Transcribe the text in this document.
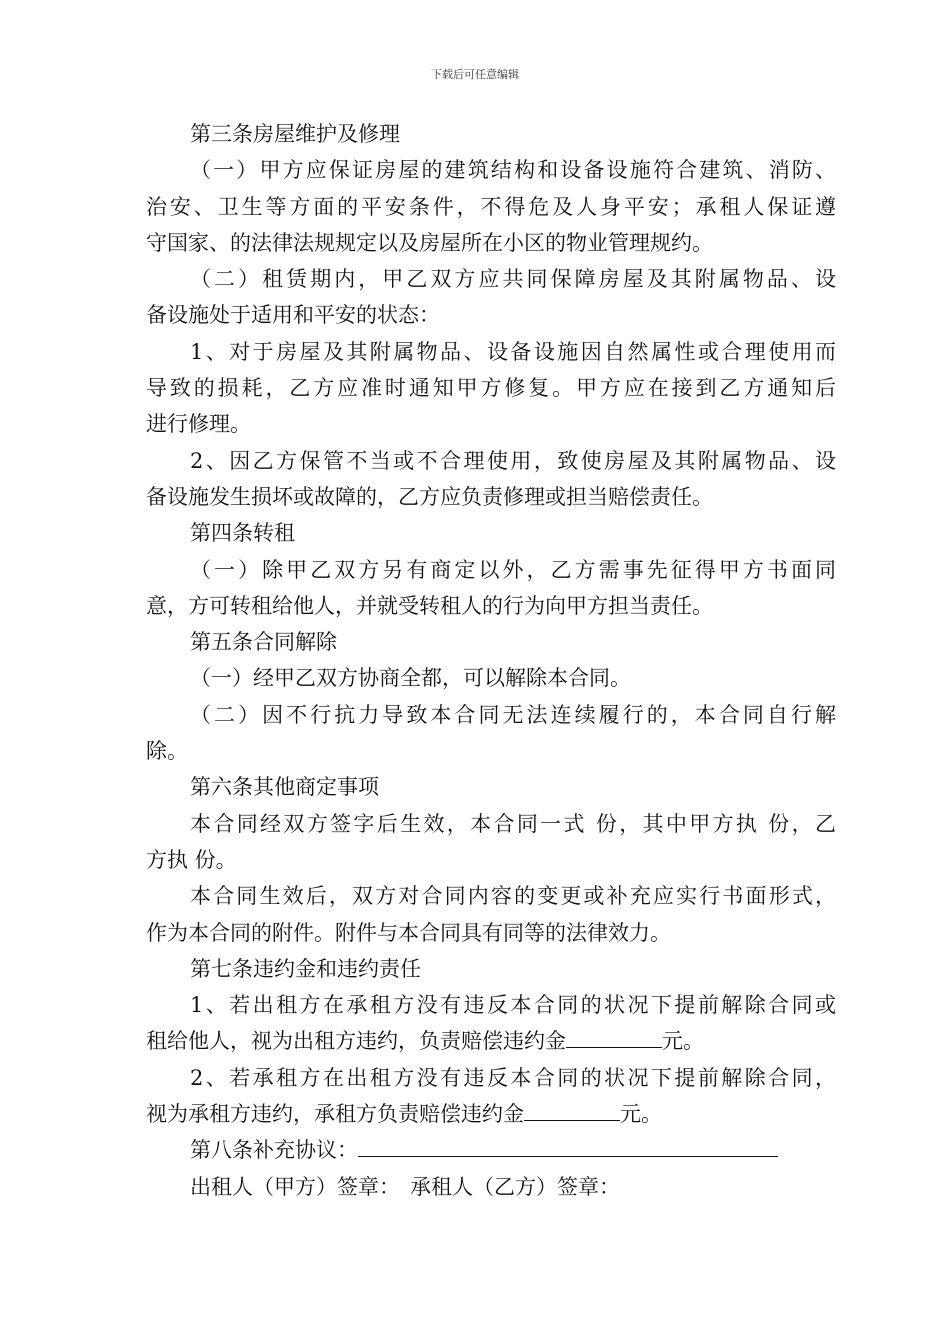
下载后可任意编辑
第三条房屋维护及修理
（一）甲方应保证房屋的建筑结构和设备设施符合建筑、消防、
治安、卫生等方面的平安条件，不得危及人身平安；承租人保证遵
守国家、的法律法规规定以及房屋所在小区的物业管理规约。
（二）租赁期内，甲乙双方应共同保障房屋及其附属物品、设
备设施处于适用和平安的状态：
1、对于房屋及其附属物品、设备设施因自然属性或合理使用而
导致的损耗，乙方应准时通知甲方修复。甲方应在接到乙方通知后
进行修理。
2、因乙方保管不当或不合理使用，致使房屋及其附属物品、设
备设施发生损坏或故障的，乙方应负责修理或担当赔偿责任。
第四条转租
（一）除甲乙双方另有商定以外，乙方需事先征得甲方书面同
意，方可转租给他人，并就受转租人的行为向甲方担当责任。
第五条合同解除
（一）经甲乙双方协商全都，可以解除本合同。
（二）因不行抗力导致本合同无法连续履行的，本合同自行解
除。
第六条其他商定事项
本合同经双方签字后生效，本合同一式 份，其中甲方执 份，乙
方执 份。
本合同生效后，双方对合同内容的变更或补充应实行书面形式，
作为本合同的附件。附件与本合同具有同等的法律效力。
第七条违约金和违约责任
1、若出租方在承租方没有违反本合同的状况下提前解除合同或
租给他人，视为出租方违约，负责赔偿违约金	元。
2、若承租方在出租方没有违反本合同的状况下提前解除合同，
视为承租方违约，承租方负责赔偿违约金	元。
第八条补充协议：
出租人（甲方）签章： 承租人（乙方）签章：
